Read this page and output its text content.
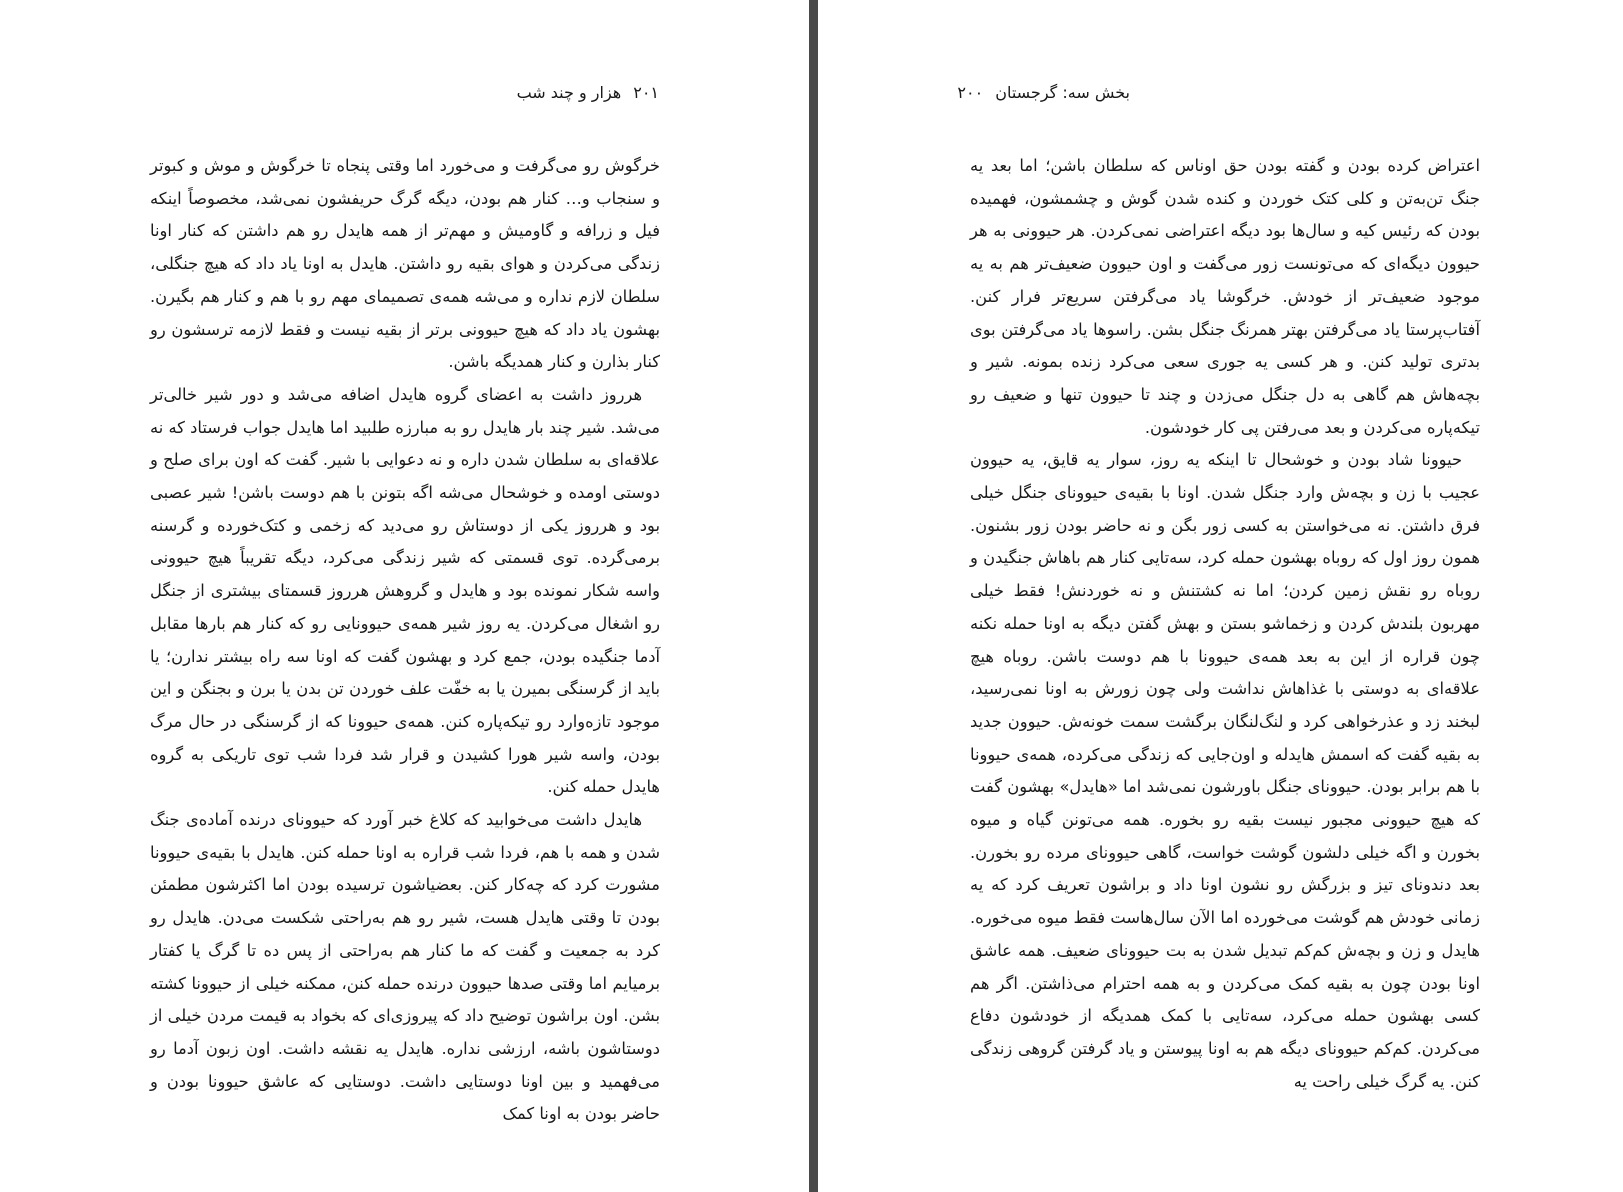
۲۰۱هزار و چند شب

خرگوش رو می‌گرفت و می‌خورد اما وقتی پنجاه تا خرگوش و موش و کبوتر و سنجاب و… کنار هم بودن، دیگه گرگ حریفشون نمی‌شد، مخصوصاً اینکه فیل و زرافه و گاومیش و مهم‌تر از همه هایدل رو هم داشتن که کنار اونا زندگی می‌کردن و هوای بقیه رو داشتن. هایدل به اونا یاد داد که هیچ جنگلی، سلطان لازم نداره و می‌شه همه‌ی تصمیمای مهم رو با هم و کنار هم بگیرن. بهشون یاد داد که هیچ حیوونی برتر از بقیه نیست و فقط لازمه ترسشون رو کنار بذارن و کنار همدیگه باشن.

هرروز داشت به اعضای گروه هایدل اضافه می‌شد و دور شیر خالی‌تر می‌شد. شیر چند بار هایدل رو به مبارزه طلبید اما هایدل جواب فرستاد که نه علاقه‌ای به سلطان شدن داره و نه دعوایی با شیر. گفت که اون برای صلح و دوستی اومده و خوشحال می‌شه اگه بتونن با هم دوست باشن! شیر عصبی بود و هرروز یکی از دوستاش رو می‌دید که زخمی و کتک‌خورده و گرسنه برمی‌گرده. توی قسمتی که شیر زندگی می‌کرد، دیگه تقریباً هیچ حیوونی واسه شکار نمونده بود و هایدل و گروهش هرروز قسمتای بیشتری از جنگل رو اشغال می‌کردن. یه روز شیر همه‌ی حیوونایی رو که کنار هم بارها مقابل آدما جنگیده بودن، جمع کرد و بهشون گفت که اونا سه راه بیشتر ندارن؛ یا باید از گرسنگی بمیرن یا به خفّت علف خوردن تن بدن یا برن و بجنگن و این موجود تازه‌وارد رو تیکه‌پاره کنن. همه‌ی حیوونا که از گرسنگی در حال مرگ بودن، واسه شیر هورا کشیدن و قرار شد فردا شب توی تاریکی به گروه هایدل حمله کنن.

هایدل داشت می‌خوابید که کلاغ خبر آورد که حیوونای درنده آماده‌ی جنگ شدن و همه با هم، فردا شب قراره به اونا حمله کنن. هایدل با بقیه‌ی حیوونا مشورت کرد که چه‌کار کنن. بعضیاشون ترسیده بودن اما اکثرشون مطمئن بودن تا وقتی هایدل هست، شیر رو هم به‌راحتی شکست می‌دن. هایدل رو کرد به جمعیت و گفت که ما کنار هم به‌راحتی از پس ده تا گرگ یا کفتار برمیایم اما وقتی صدها حیوون درنده حمله کنن، ممکنه خیلی از حیوونا کشته بشن. اون براشون توضیح داد که پیروزی‌ای که بخواد به قیمت مردن خیلی از دوستاشون باشه، ارزشی نداره. هایدل یه نقشه داشت. اون زبون آدما رو می‌فهمید و بین اونا دوستایی داشت. دوستایی که عاشق حیوونا بودن و حاضر بودن به اونا کمک

بخش سه: گرجستان۲۰۰

اعتراض کرده بودن و گفته بودن حق اوناس که سلطان باشن؛ اما بعد یه جنگ تن‌به‌تن و کلی کتک خوردن و کنده شدن گوش و چشمشون، فهمیده بودن که رئیس کیه و سال‌ها بود دیگه اعتراضی نمی‌کردن. هر حیوونی به هر حیوون دیگه‌ای که می‌تونست زور می‌گفت و اون حیوون ضعیف‌تر هم به یه موجود ضعیف‌تر از خودش. خرگوشا یاد می‌گرفتن سریع‌تر فرار کنن. آفتاب‌پرستا یاد می‌گرفتن بهتر همرنگ جنگل بشن. راسوها یاد می‌گرفتن بوی بدتری تولید کنن. و هر کسی یه جوری سعی می‌کرد زنده بمونه. شیر و بچه‌هاش هم گاهی به دل جنگل می‌زدن و چند تا حیوون تنها و ضعیف رو تیکه‌پاره می‌کردن و بعد می‌رفتن پی کار خودشون.

حیوونا شاد بودن و خوشحال تا اینکه یه روز، سوار یه قایق، یه حیوون عجیب با زن و بچه‌ش وارد جنگل شدن. اونا با بقیه‌ی حیوونای جنگل خیلی فرق داشتن. نه می‌خواستن به کسی زور بگن و نه حاضر بودن زور بشنون. همون روز اول که روباه بهشون حمله کرد، سه‌تایی کنار هم باهاش جنگیدن و روباه رو نقش زمین کردن؛ اما نه کشتنش و نه خوردنش! فقط خیلی مهربون بلندش کردن و زخماشو بستن و بهش گفتن دیگه به اونا حمله نکنه چون قراره از این به بعد همه‌ی حیوونا با هم دوست باشن. روباه هیچ علاقه‌ای به دوستی با غذاهاش نداشت ولی چون زورش به اونا نمی‌رسید، لبخند زد و عذرخواهی کرد و لنگ‌لنگان برگشت سمت خونه‌ش. حیوون جدید به بقیه گفت که اسمش هایدله و اون‌جایی که زندگی می‌کرده، همه‌ی حیوونا با هم برابر بودن. حیوونای جنگل باورشون نمی‌شد اما «هایدل» بهشون گفت که هیچ حیوونی مجبور نیست بقیه رو بخوره. همه می‌تونن گیاه و میوه بخورن و اگه خیلی دلشون گوشت خواست، گاهی حیوونای مرده رو بخورن. بعد دندونای تیز و بزرگش رو نشون اونا داد و براشون تعریف کرد که یه زمانی خودش هم گوشت می‌خورده اما الآن سال‌هاست فقط میوه می‌خوره. هایدل و زن و بچه‌ش کم‌کم تبدیل شدن به بت حیوونای ضعیف. همه عاشق اونا بودن چون به بقیه کمک می‌کردن و به همه احترام می‌ذاشتن. اگر هم کسی بهشون حمله می‌کرد، سه‌تایی با کمک همدیگه از خودشون دفاع می‌کردن. کم‌کم حیوونای دیگه هم به اونا پیوستن و یاد گرفتن گروهی زندگی کنن. یه گرگ خیلی راحت یه
